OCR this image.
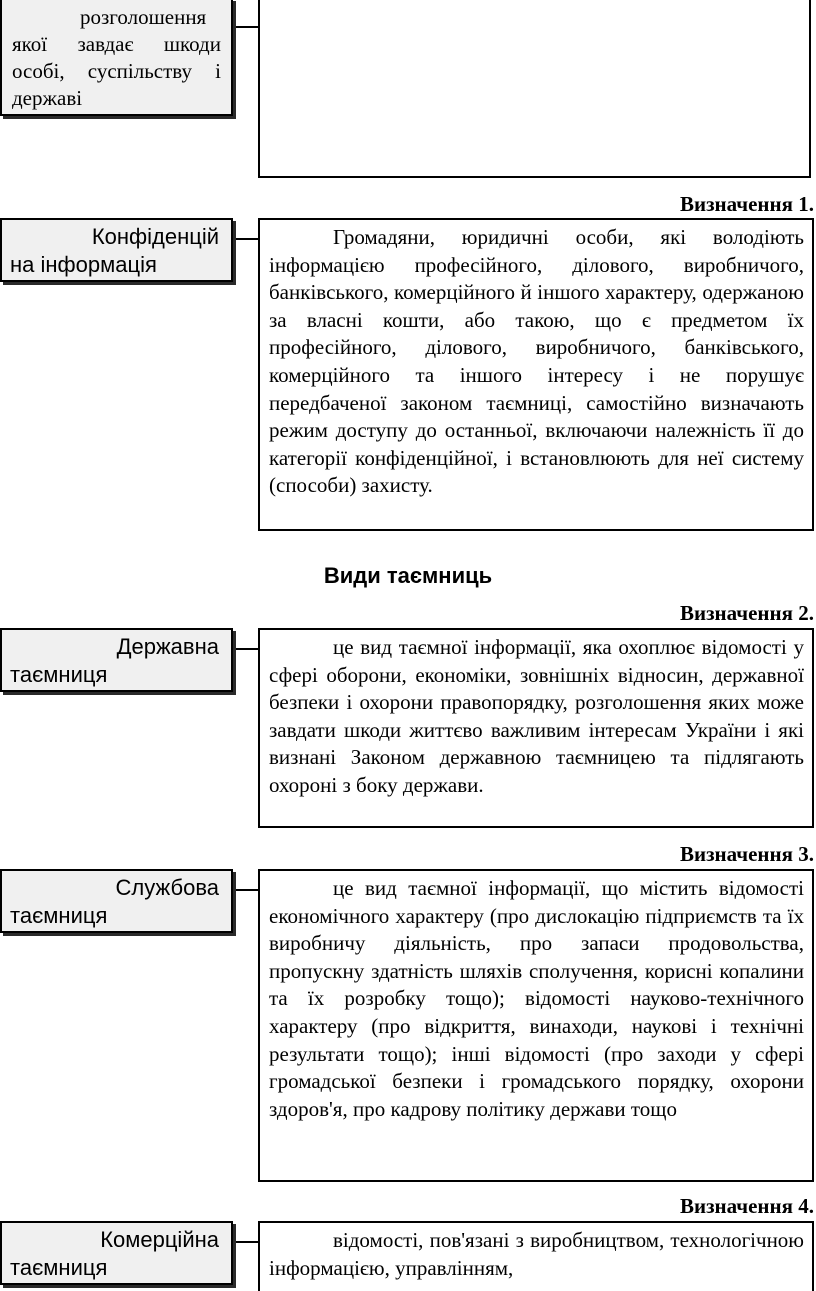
розголошення
якої завдає шкоди особі, суспільству і державі
Визначення 1.
Конфіденцій
на інформація

Громадяни, юридичні особи, які володіють інформацією професійного, ділового, виробничого, банківського, комерційного й іншого характеру, одержаною за власні кошти, або такою, що є предметом їх професійного, ділового, виробничого, банківського, комерційного та іншого інтересу і не порушує передбаченої законом таємниці, самостійно визначають режим доступу до останньої, включаючи належність її до категорії конфіденційної, і встановлюють для неї систему (способи) захисту.

Види таємниць
Визначення 2.
Державна
таємниця

це вид таємної інформації, яка охоплює відомості у сфері оборони, економіки, зовнішніх відносин, державної безпеки і охорони правопорядку, розголошення яких може завдати шкоди життєво важливим інтересам України і які визнані Законом державною таємницею та підлягають охороні з боку держави.

Визначення 3.
Службова
таємниця

це вид таємної інформації, що містить відомості економічного характеру (про дислокацію підприємств та їх виробничу діяльність, про запаси продовольства, пропускну здатність шляхів сполучення, корисні копалини та їх розробку тощо); відомості науково-технічного характеру (про відкриття, винаходи, наукові і технічні результати тощо); інші відомості (про заходи у сфері громадської безпеки і громадського порядку, охорони здоров'я, про кадрову політику держави тощо

Визначення 4.
Комерційна
таємниця

відомості, пов'язані з виробництвом, технологічною інформацією, управлінням,
